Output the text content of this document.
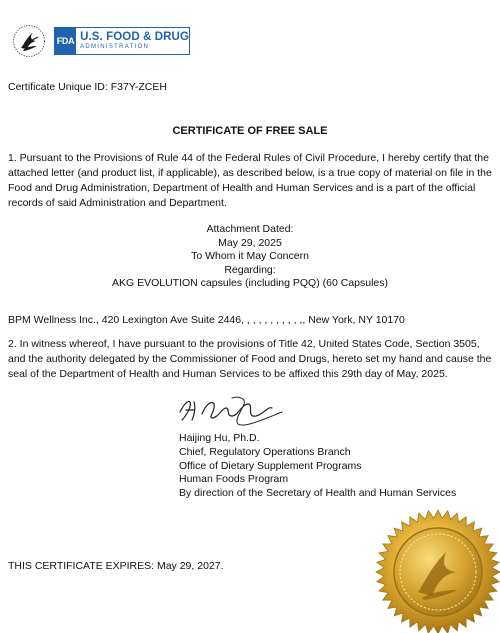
FDA U.S. FOOD & DRUG
ADMINISTRATION
Certificate Unique ID: F37Y-ZCEH
CERTIFICATE OF FREE SALE
1. Pursuant to the Provisions of Rule 44 of the Federal Rules of Civil Procedure, I hereby certify that the attached letter (and product list, if applicable), as described below, is a true copy of material on file in the Food and Drug Administration, Department of Health and Human Services and is a part of the official records of said Administration and Department.
Attachment Dated:
May 29, 2025
To Whom it May Concern
Regarding:
AKG EVOLUTION capsules (including PQQ) (60 Capsules)
BPM Wellness Inc., 420 Lexington Ave Suite 2446, , , , , , , , , , ,, New York, NY 10170
2. In witness whereof, I have pursuant to the provisions of Title 42, United States Code, Section 3505, and the authority delegated by the Commissioner of Food and Drugs, hereto set my hand and cause the seal of the Department of Health and Human Services to be affixed this 29th day of May, 2025.
Haijing Hu, Ph.D.
Chief, Regulatory Operations Branch
Office of Dietary Supplement Programs
Human Foods Program
By direction of the Secretary of Health and Human Services
THIS CERTIFICATE EXPIRES: May 29, 2027.
